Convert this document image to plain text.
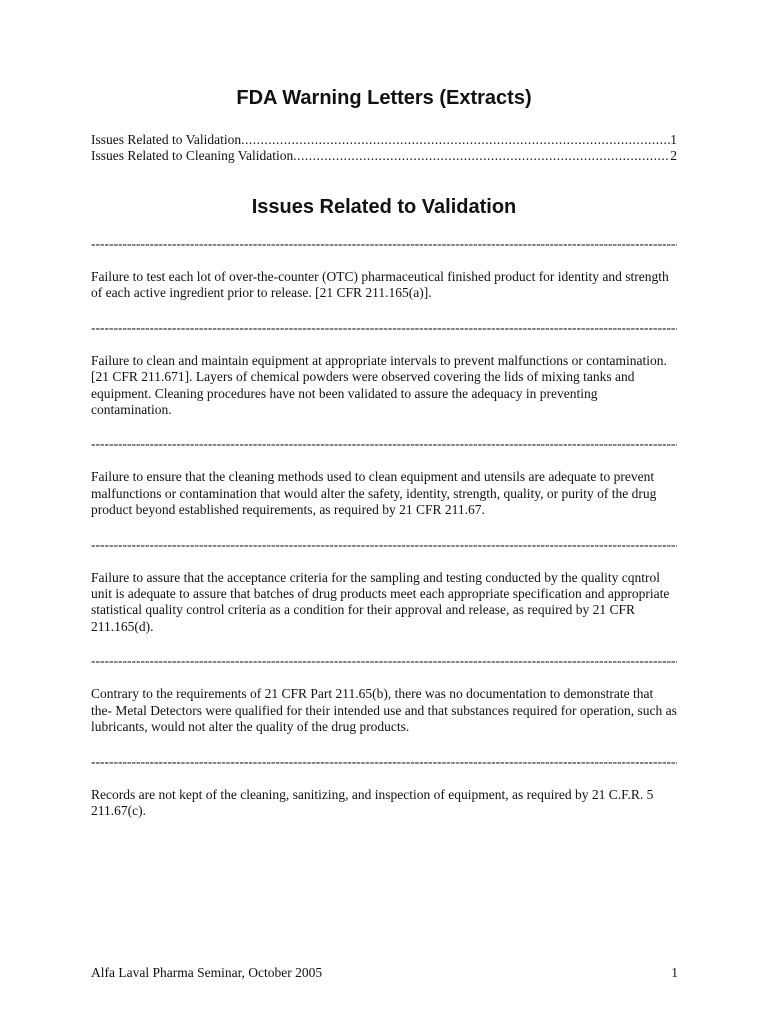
FDA Warning Letters (Extracts)
Issues Related to Validation .....	1
Issues Related to Cleaning Validation .....	2
Issues Related to Validation
-----

Failure to test each lot of over-the-counter (OTC) pharmaceutical finished product for identity and strength of each active ingredient prior to release. [21 CFR 211.165(a)].

-----

Failure to clean and maintain equipment at appropriate intervals to prevent malfunctions or contamination. [21 CFR 211.671]. Layers of chemical powders were observed covering the lids of mixing tanks and equipment. Cleaning procedures have not been validated to assure the adequacy in preventing contamination.

-----

Failure to ensure that the cleaning methods used to clean equipment and utensils are adequate to prevent malfunctions or contamination that would alter the safety, identity, strength, quality, or purity of the drug product beyond established requirements, as required by 21 CFR 211.67.

-----

Failure to assure that the acceptance criteria for the sampling and testing conducted by the quality cqntrol unit is adequate to assure that batches of drug products meet each appropriate specification and appropriate statistical quality control criteria as a condition for their approval and release, as required by 21 CFR 211.165(d).

-----

Contrary to the requirements of 21 CFR Part 211.65(b), there was no documentation to demonstrate that the- Metal Detectors were qualified for their intended use and that substances required for operation, such as lubricants, would not alter the quality of the drug products.

-----

Records are not kept of the cleaning, sanitizing, and inspection of equipment, as required by 21 C.F.R. 5 211.67(c).

Alfa Laval Pharma Seminar, October 2005	1
